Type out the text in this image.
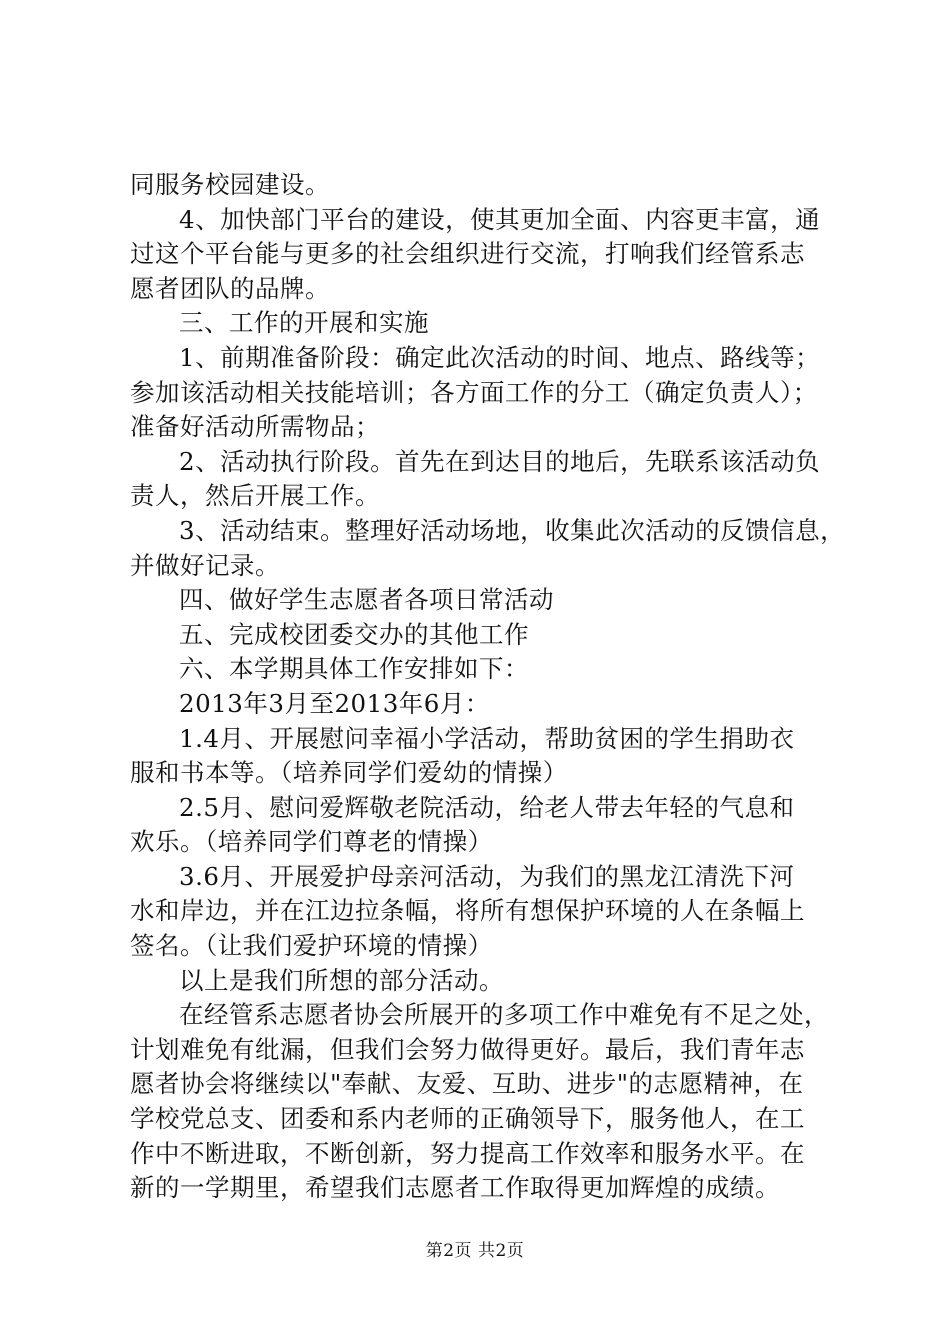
同服务校园建设。
4、加快部门平台的建设，使其更加全面、内容更丰富，通
过这个平台能与更多的社会组织进行交流，打响我们经管系志
愿者团队的品牌。
三、工作的开展和实施
1、前期准备阶段：确定此次活动的时间、地点、路线等；
参加该活动相关技能培训；各方面工作的分工（确定负责人）；
准备好活动所需物品；
2、活动执行阶段。首先在到达目的地后，先联系该活动负
责人，然后开展工作。
3、活动结束。整理好活动场地，收集此次活动的反馈信息，
并做好记录。
四、做好学生志愿者各项日常活动
五、完成校团委交办的其他工作
六、本学期具体工作安排如下：
2013年3月至2013年6月：
1.4月、开展慰问幸福小学活动，帮助贫困的学生捐助衣
服和书本等。（培养同学们爱幼的情操）
2.5月、慰问爱辉敬老院活动，给老人带去年轻的气息和
欢乐。（培养同学们尊老的情操）
3.6月、开展爱护母亲河活动，为我们的黑龙江清洗下河
水和岸边，并在江边拉条幅，将所有想保护环境的人在条幅上
签名。（让我们爱护环境的情操）
以上是我们所想的部分活动。
在经管系志愿者协会所展开的多项工作中难免有不足之处，
计划难免有纰漏，但我们会努力做得更好。最后，我们青年志
愿者协会将继续以"奉献、友爱、互助、进步"的志愿精神，在
学校党总支、团委和系内老师的正确领导下，服务他人，在工
作中不断进取，不断创新，努力提高工作效率和服务水平。在
新的一学期里，希望我们志愿者工作取得更加辉煌的成绩。
第2页 共2页
